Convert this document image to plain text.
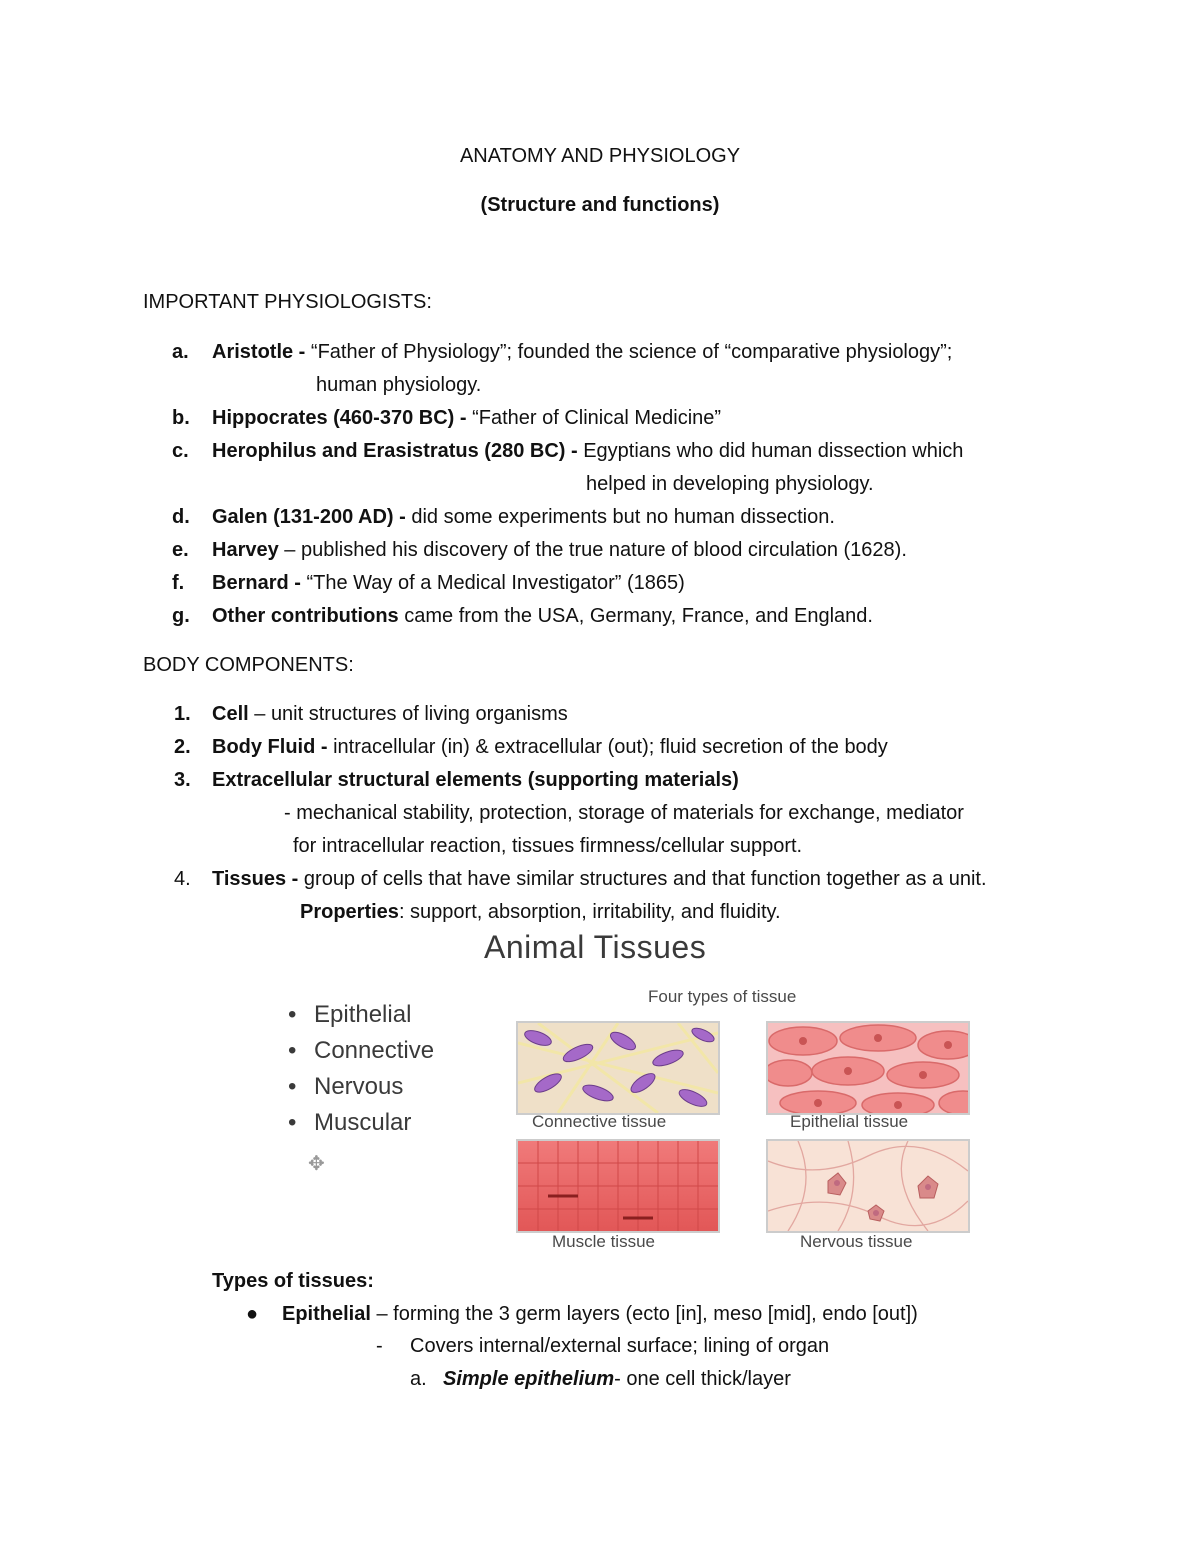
ANATOMY AND PHYSIOLOGY
(Structure and functions)
IMPORTANT PHYSIOLOGISTS:
a. Aristotle - “Father of Physiology”; founded the science of “comparative physiology”;
human physiology.
b. Hippocrates (460-370 BC) - “Father of Clinical Medicine”
c. Herophilus and Erasistratus (280 BC) - Egyptians who did human dissection which
helped in developing physiology.
d. Galen (131-200 AD) - did some experiments but no human dissection.
e. Harvey – published his discovery of the true nature of blood circulation (1628).
f. Bernard - “The Way of a Medical Investigator” (1865)
g. Other contributions came from the USA, Germany, France, and England.
BODY COMPONENTS:
1. Cell – unit structures of living organisms
2. Body Fluid - intracellular (in) & extracellular (out); fluid secretion of the body
3. Extracellular structural elements (supporting materials)
- mechanical stability, protection, storage of materials for exchange, mediator
for intracellular reaction, tissues firmness/cellular support.
4. Tissues - group of cells that have similar structures and that function together as a unit.
Properties: support, absorption, irritability, and fluidity.
Animal Tissues
Four types of tissue
• Epithelial
• Connective
• Nervous
• Muscular
✥
Connective tissue	Epithelial tissue
Muscle tissue	Nervous tissue
Types of tissues:
● Epithelial – forming the 3 germ layers (ecto [in], meso [mid], endo [out])
- Covers internal/external surface; lining of organ
a. Simple epithelium- one cell thick/layer
